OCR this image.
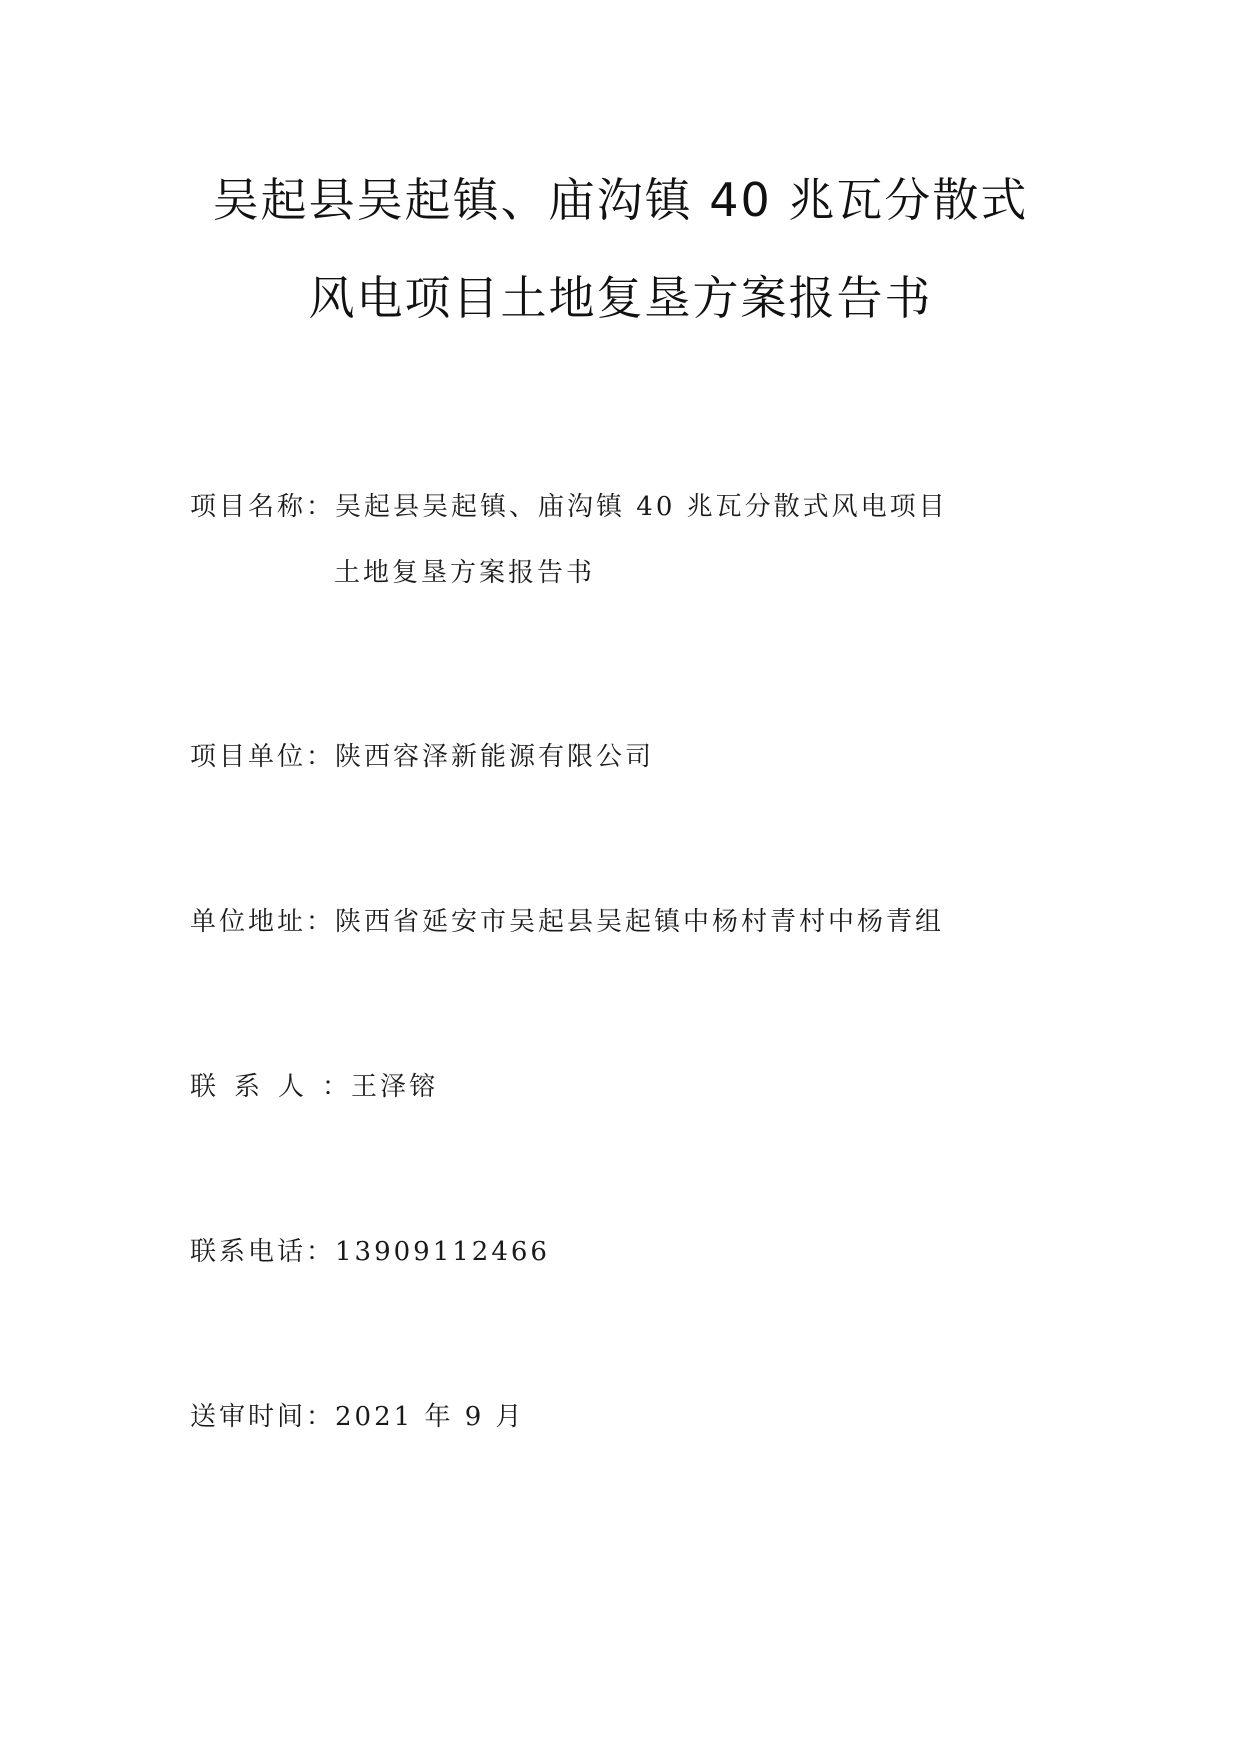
吴起县吴起镇、庙沟镇 40 兆瓦分散式
风电项目土地复垦方案报告书
项目名称：吴起县吴起镇、庙沟镇 40 兆瓦分散式风电项目
土地复垦方案报告书
项目单位：陕西容泽新能源有限公司
单位地址：陕西省延安市吴起县吴起镇中杨村青村中杨青组
联系人：王泽镕
联系电话：13909112466
送审时间：2021 年 9 月
